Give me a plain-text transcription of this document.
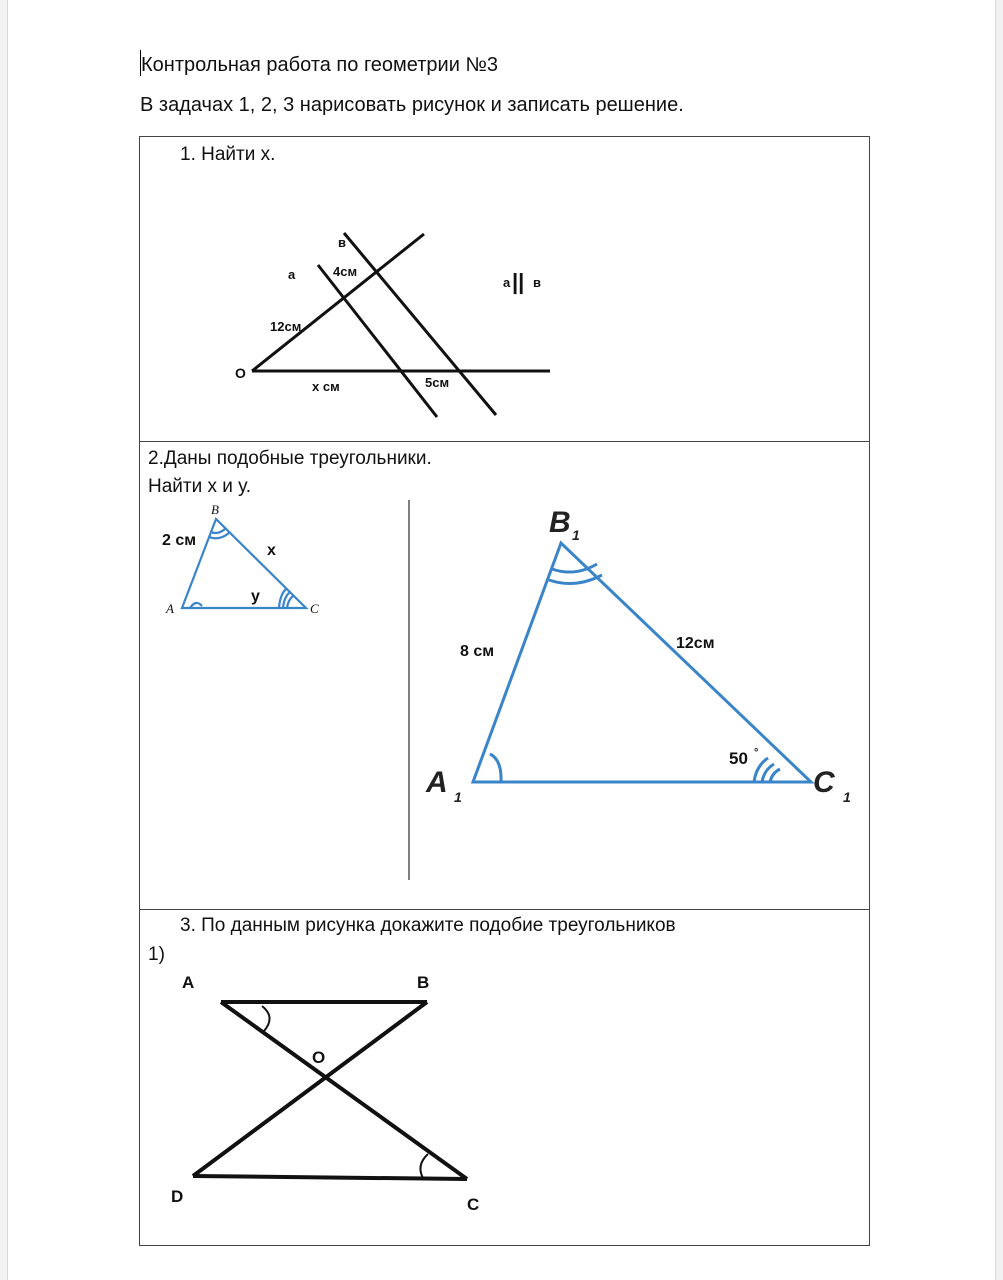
Контрольная работа по геометрии №3
В задачах 1, 2, 3 нарисовать рисунок и записать решение.
1. Найти х.
в
а	4см
12см
О
х см	5см
а || в
2.Даны подобные треугольники.
Найти х и у.
B
A	C
2 см
х
у
B 1
A 1	C 1
8 см	12см
50 °
3. По данным рисунка докажите подобие треугольников
1)
А	В
О
D	С
